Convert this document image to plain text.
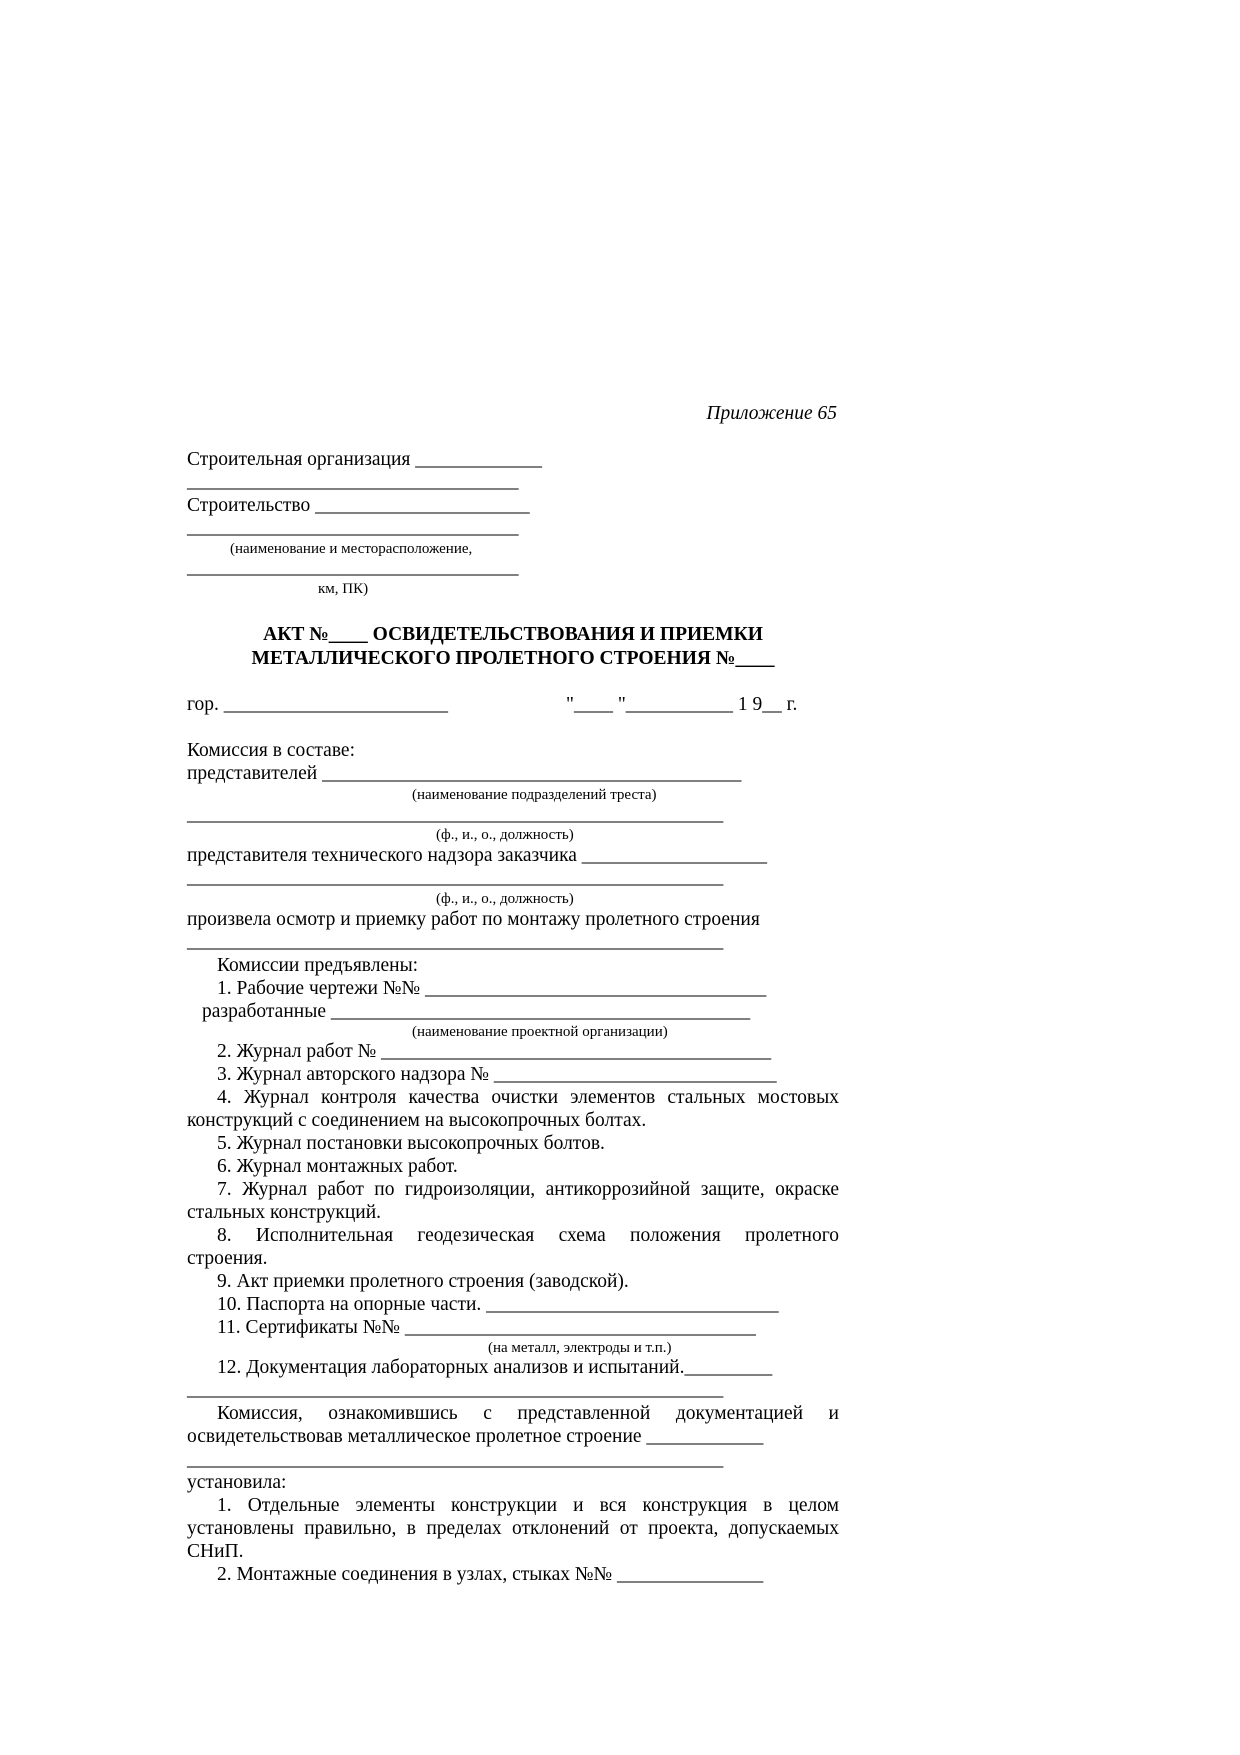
Приложение 65
Строительная организация _____________
__________________________________
Строительство ______________________
__________________________________
(наименование и месторасположение,
__________________________________
км, ПК)
АКТ №____ ОСВИДЕТЕЛЬСТВОВАНИЯ И ПРИЕМКИ
МЕТАЛЛИЧЕСКОГО ПРОЛЕТНОГО СТРОЕНИЯ №____
гор. _______________________	"____ "___________ 1 9__ г.
Комиссия в составе:
представителей ___________________________________________
(наименование подразделений треста)
_______________________________________________________
(ф., и., о., должность)
представителя технического надзора заказчика ___________________
_______________________________________________________
(ф., и., о., должность)
произвела осмотр и приемку работ по монтажу пролетного строения
_______________________________________________________
Комиссии предъявлены:
1. Рабочие чертежи №№ ___________________________________
разработанные ___________________________________________
(наименование проектной организации)
2. Журнал работ № ________________________________________
3. Журнал авторского надзора № _____________________________
4. Журнал контроля качества очистки элементов стальных мостовых
конструкций с соединением на высокопрочных болтах.
5. Журнал постановки высокопрочных болтов.
6. Журнал монтажных работ.
7. Журнал работ по гидроизоляции, антикоррозийной защите, окраске
стальных конструкций.
8. Исполнительная геодезическая схема положения пролетного
строения.
9. Акт приемки пролетного строения (заводской).
10. Паспорта на опорные части. ______________________________
11. Сертификаты №№ ____________________________________
(на металл, электроды и т.п.)
12. Документация лабораторных анализов и испытаний._________
_______________________________________________________
Комиссия, ознакомившись с представленной документацией и
освидетельствовав металлическое пролетное строение ____________
_______________________________________________________
установила:
1. Отдельные элементы конструкции и вся конструкция в целом
установлены правильно, в пределах отклонений от проекта, допускаемых
СНиП.
2. Монтажные соединения в узлах, стыках №№ _______________
